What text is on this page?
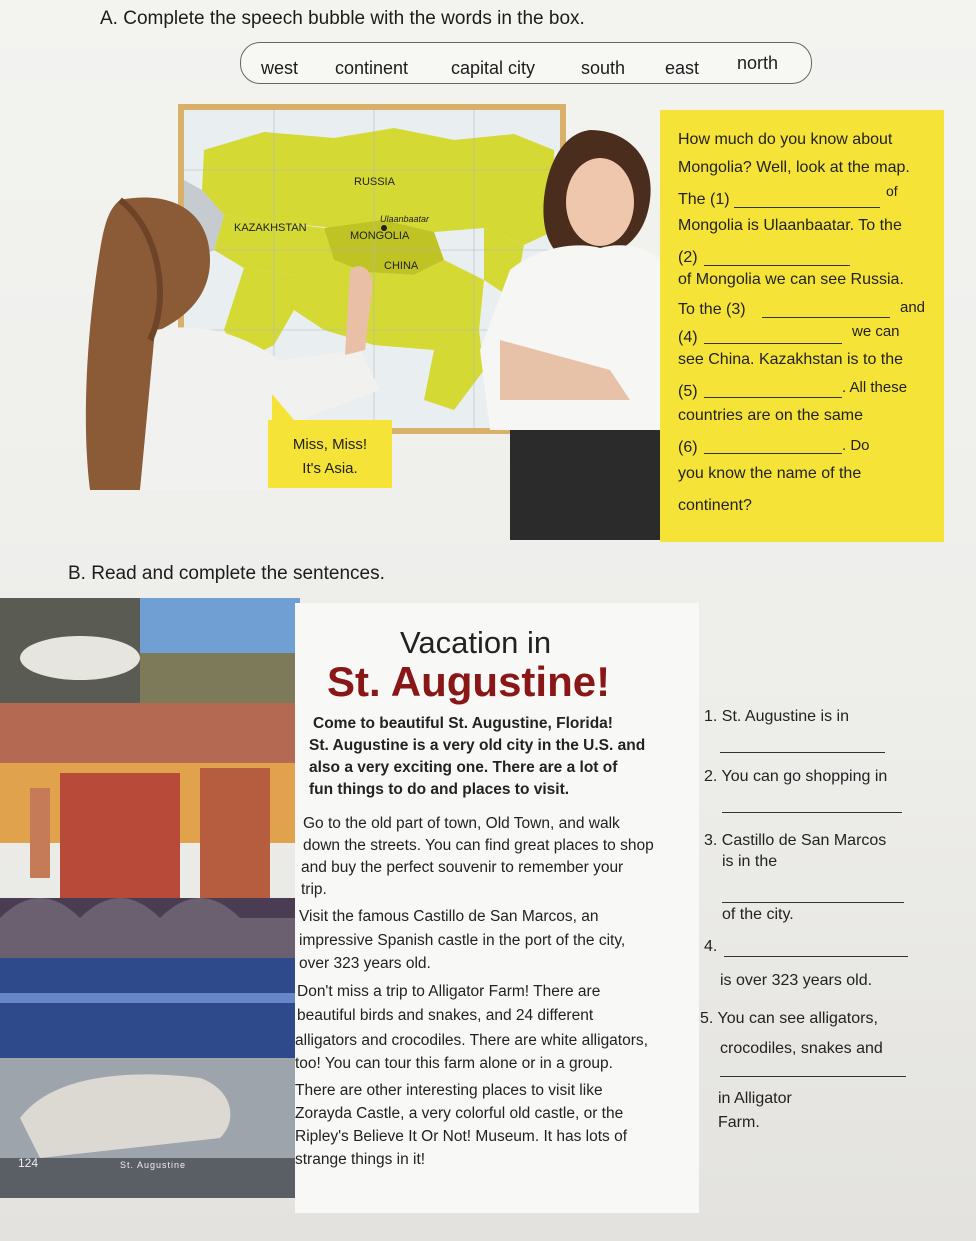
A. Complete the speech bubble with the words in the box.
west continent capital city	south east north
RUSSIA
KAZAKHSTAN
MONGOLIA
Ulaanbaatar
CHINA
How much do you know about
Mongolia? Well, look at the map.
The (1)	of
Mongolia is Ulaanbaatar. To the
(2)
of Mongolia we can see Russia.
To the (3)	and
(4)	we can
see China. Kazakhstan is to the
(5)	. All these
countries are on the same
(6)	. Do
you know the name of the
continent?
Miss, Miss!
It's Asia.
B. Read and complete the sentences.
124	St. Augustine
Vacation in
St. Augustine!
Come to beautiful St. Augustine, Florida!
St. Augustine is a very old city in the U.S. and
also a very exciting one. There are a lot of
fun things to do and places to visit.
Go to the old part of town, Old Town, and walk
down the streets. You can find great places to shop
and buy the perfect souvenir to remember your
trip.
Visit the famous Castillo de San Marcos, an
impressive Spanish castle in the port of the city,
over 323 years old.
Don't miss a trip to Alligator Farm! There are
beautiful birds and snakes, and 24 different
alligators and crocodiles. There are white alligators,
too! You can tour this farm alone or in a group.
There are other interesting places to visit like
Zorayda Castle, a very colorful old castle, or the
Ripley's Believe It Or Not! Museum. It has lots of
strange things in it!
1. St. Augustine is in
2. You can go shopping in
3. Castillo de San Marcos
is in the
of the city.
4.
is over 323 years old.
5. You can see alligators,
crocodiles, snakes and
in Alligator
Farm.
